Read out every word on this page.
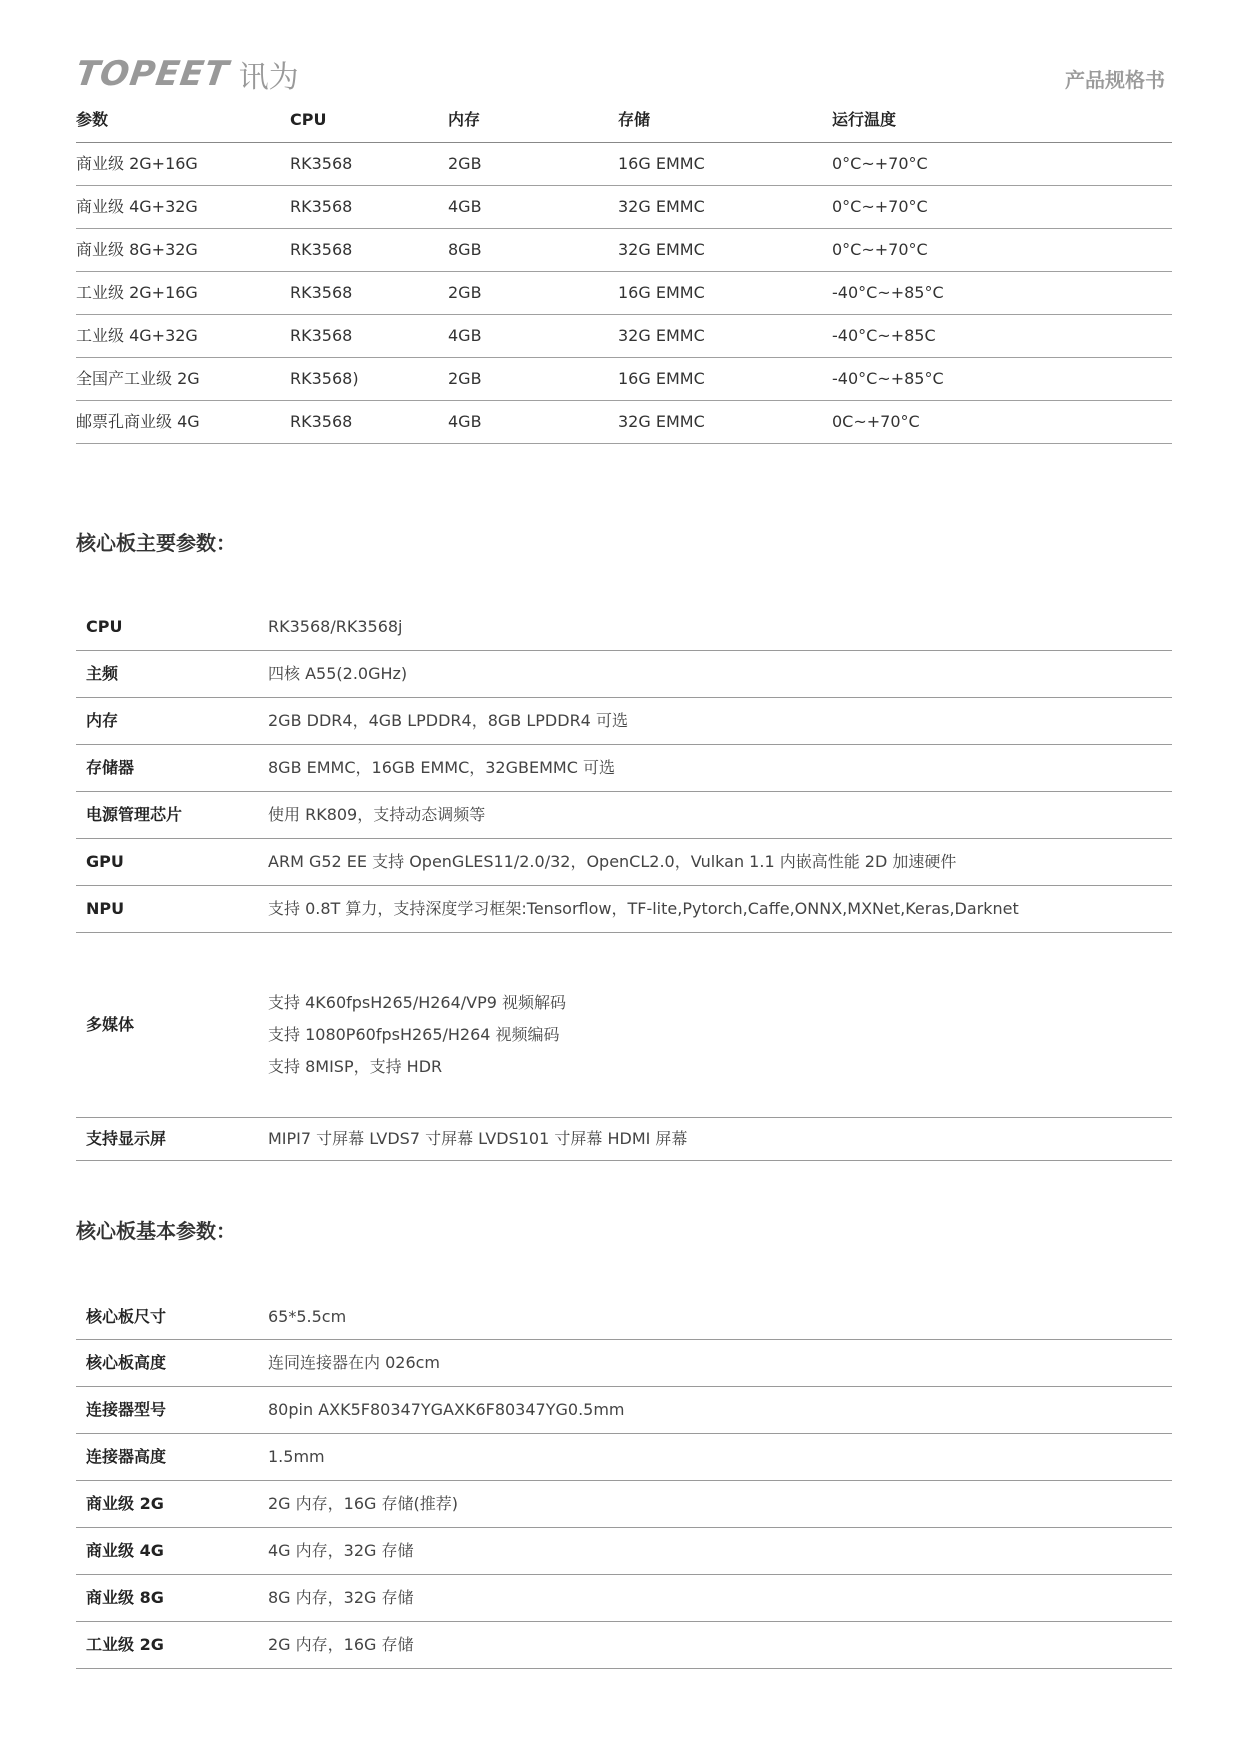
TOPEET 讯为	产品规格书
参数	CPU	内存	存储	运行温度
商业级 2G+16G	RK3568	2GB	16G EMMC	0°C~+70°C
商业级 4G+32G	RK3568	4GB	32G EMMC	0°C~+70°C
商业级 8G+32G	RK3568	8GB	32G EMMC	0°C~+70°C
工业级 2G+16G	RK3568	2GB	16G EMMC	-40°C~+85°C
工业级 4G+32G	RK3568	4GB	32G EMMC	-40°C~+85C
全国产工业级 2G	RK3568)	2GB	16G EMMC	-40°C~+85°C
邮票孔商业级 4G	RK3568	4GB	32G EMMC	0C~+70°C
核心板主要参数：
CPU	RK3568/RK3568j
主频	四核 A55(2.0GHz)
内存	2GB DDR4，4GB LPDDR4，8GB LPDDR4 可选
存储器	8GB EMMC，16GB EMMC，32GBEMMC 可选
电源管理芯片	使用 RK809，支持动态调频等
GPU	ARM G52 EE 支持 OpenGLES11/2.0/32，OpenCL2.0，Vulkan 1.1 内嵌高性能 2D 加速硬件
NPU	支持 0.8T 算力，支持深度学习框架:Tensorflow，TF-lite,Pytorch,Caffe,ONNX,MXNet,Keras,Darknet
多媒体
支持 4K60fpsH265/H264/VP9 视频解码
支持 1080P60fpsH265/H264 视频编码
支持 8MISP，支持 HDR
支持显示屏	MIPI7 寸屏幕 LVDS7 寸屏幕 LVDS101 寸屏幕 HDMI 屏幕
核心板基本参数：
核心板尺寸	65*5.5cm
核心板高度	连同连接器在内 026cm
连接器型号	80pin AXK5F80347YGAXK6F80347YG0.5mm
连接器高度	1.5mm
商业级 2G	2G 内存，16G 存储(推荐)
商业级 4G	4G 内存，32G 存储
商业级 8G	8G 内存，32G 存储
工业级 2G	2G 内存，16G 存储
